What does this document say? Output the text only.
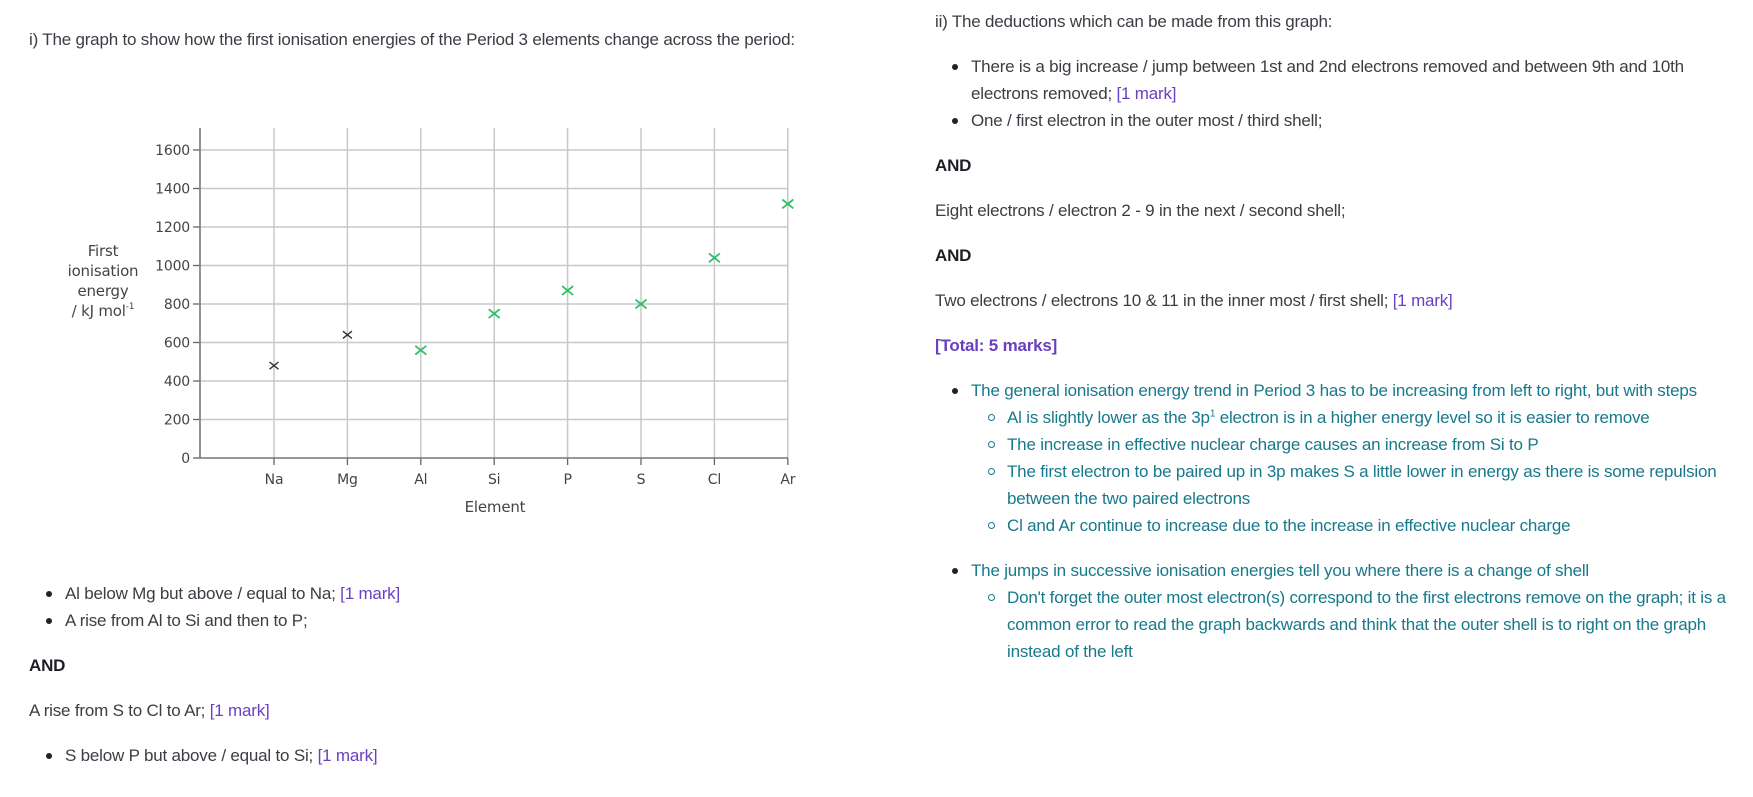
i) The graph to show how the first ionisation energies of the Period 3 elements change across the period:

0
200
400
600
800
1000
1200
1400
1600
Na	Mg	Al	Si	P	S	Cl	Ar
Element
First
ionisation
energy
/ kJ mol$^{-1}$
Al below Mg but above / equal to Na; [1 mark]
A rise from Al to Si and then to P;

AND

A rise from S to Cl to Ar; [1 mark]

S below P but above / equal to Si; [1 mark]

ii) The deductions which can be made from this graph:

There is a big increase / jump between 1st and 2nd electrons removed and between 9th and 10th electrons removed; [1 mark]
One / first electron in the outer most / third shell;

AND

Eight electrons / electron 2 - 9 in the next / second shell;

AND

Two electrons / electrons 10 & 11 in the inner most / first shell; [1 mark]

[Total: 5 marks]

The general ionisation energy trend in Period 3 has to be increasing from left to right, but with steps
Al is slightly lower as the $3p^1$ electron is in a higher energy level so it is easier to remove
The increase in effective nuclear charge causes an increase from Si to P
The first electron to be paired up in 3p makes S a little lower in energy as there is some repulsion between the two paired electrons
Cl and Ar continue to increase due to the increase in effective nuclear charge
The jumps in successive ionisation energies tell you where there is a change of shell
Don't forget the outer most electron(s) correspond to the first electrons remove on the graph; it is a common error to read the graph backwards and think that the outer shell is to right on the graph instead of the left
